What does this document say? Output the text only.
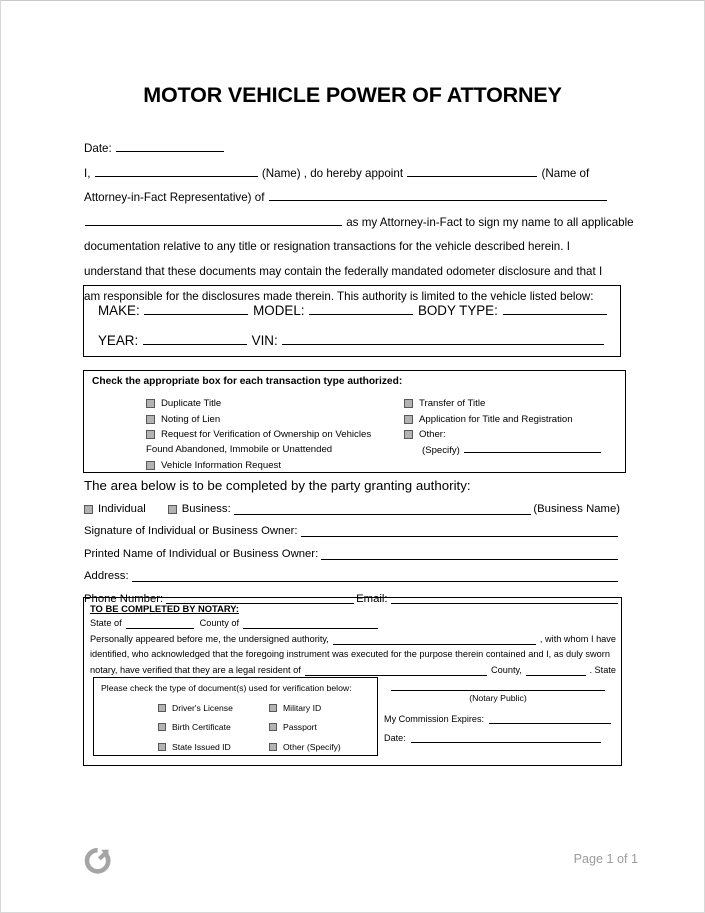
MOTOR VEHICLE POWER OF ATTORNEY
Date:
I,	(Name) , do hereby appoint	(Name of
Attorney-in-Fact Representative) of
as my Attorney-in-Fact to sign my name to all applicable
documentation relative to any title or resignation transactions for the vehicle described herein. I understand that these documents may contain the federally mandated odometer disclosure and that I am responsible for the disclosures made therein. This authority is limited to the vehicle listed below:
MAKE:	MODEL:	BODY TYPE:
YEAR:	VIN:
Check the appropriate box for each transaction type authorized:
Duplicate Title
Noting of Lien
Request for Verification of Ownership on Vehicles
Found Abandoned, Immobile or Unattended
Vehicle Information Request
Transfer of Title
Application for Title and Registration
Other:
(Specify)
The area below is to be completed by the party granting authority:
Individual	Business:	(Business Name)
Signature of Individual or Business Owner:
Printed Name of Individual or Business Owner:
Address:
Phone Number:	Email:
TO BE COMPLETED BY NOTARY:
State of	County of
Personally appeared before me, the undersigned authority,	, with whom I have
identified, who acknowledged that the foregoing instrument was executed for the purpose therein contained and I, as duly sworn
notary, have verified that they are a legal resident of	County,	. State
Please check the type of document(s) used for verification below:
Driver's License
Birth Certificate
State Issued ID
Military ID
Passport
Other (Specify)
(Notary Public)
My Commission Expires:
Date:
Page 1 of 1
